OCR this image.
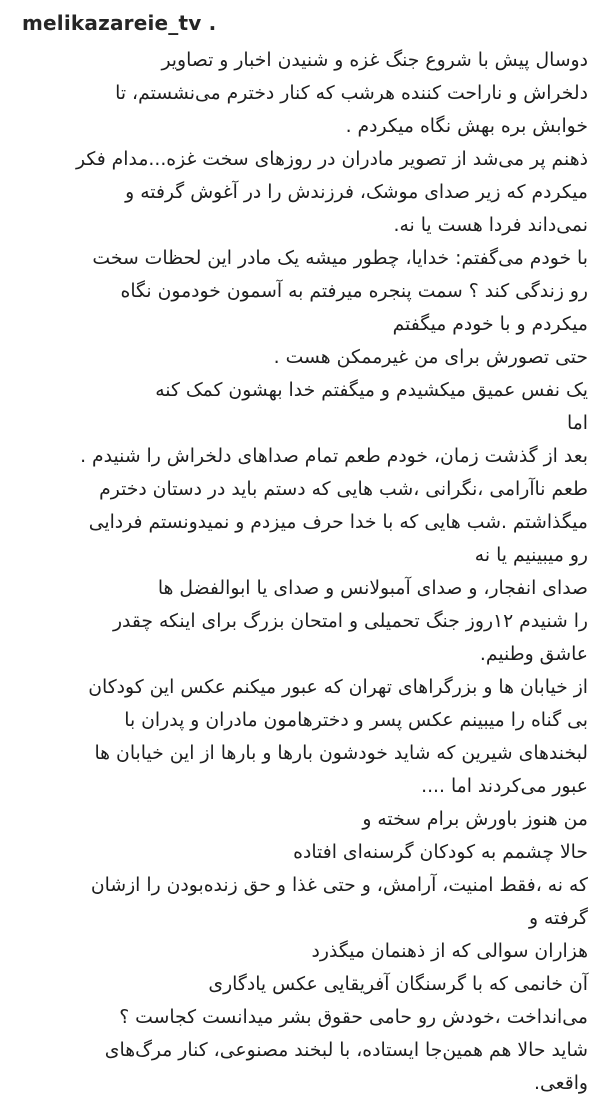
melikazareie_tv .
دوسال پیش با شروع جنگ غزه و شنیدن اخبار و تصاویر
دلخراش و ناراحت کننده هرشب که کنار دخترم می‌نشستم، تا
خوابش بره بهش نگاه میکردم .
ذهنم پر می‌شد از تصویر مادران در روزهای سخت غزه...مدام فکر
میکردم که زیر صدای موشک، فرزندش را در آغوش گرفته و
نمی‌داند فردا هست یا نه.
با خودم می‌گفتم: خدایا، چطور میشه یک مادر این لحظات سخت
رو زندگی کند ؟ سمت پنجره میرفتم به آسمون خودمون نگاه
میکردم و با خودم میگفتم
حتی تصورش برای من غیرممکن هست .
یک نفس عمیق میکشیدم و میگفتم خدا بهشون کمک کنه
اما
بعد از گذشت زمان، خودم طعم تمام صداهای دلخراش را شنیدم .
طعم ناآرامی ،نگرانی ،شب هایی که دستم باید در دستان دخترم
میگذاشتم .شب هایی که با خدا حرف میزدم و نمیدونستم فردایی
رو میبینیم یا نه
صدای انفجار، و صدای آمبولانس و صدای یا ابوالفضل ها
را شنیدم ۱۲روز جنگ تحمیلی و امتحان بزرگ برای اینکه چقدر
عاشق وطنیم.
از خیابان ها و بزرگراهای تهران که عبور میکنم عکس این کودکان
بی گناه را میبینم عکس پسر و دخترهامون مادران و پدران با
لبخندهای شیرین که شاید خودشون بارها و بارها از این خیابان ها
عبور می‌کردند اما ....
من هنوز باورش برام سخته و
حالا چشمم به کودکان گرسنه‌ای افتاده
که نه ،فقط امنیت، آرامش، و حتی غذا و حق زنده‌بودن را ازشان
گرفته و
هزاران سوالی که از ذهنمان میگذرد
آن خانمی که با گرسنگان آفریقایی عکس یادگاری
می‌انداخت ،خودش رو حامی حقوق بشر میدانست کجاست ؟
شاید حالا هم همین‌جا ایستاده، با لبخند مصنوعی، کنار مرگ‌های
واقعی.
